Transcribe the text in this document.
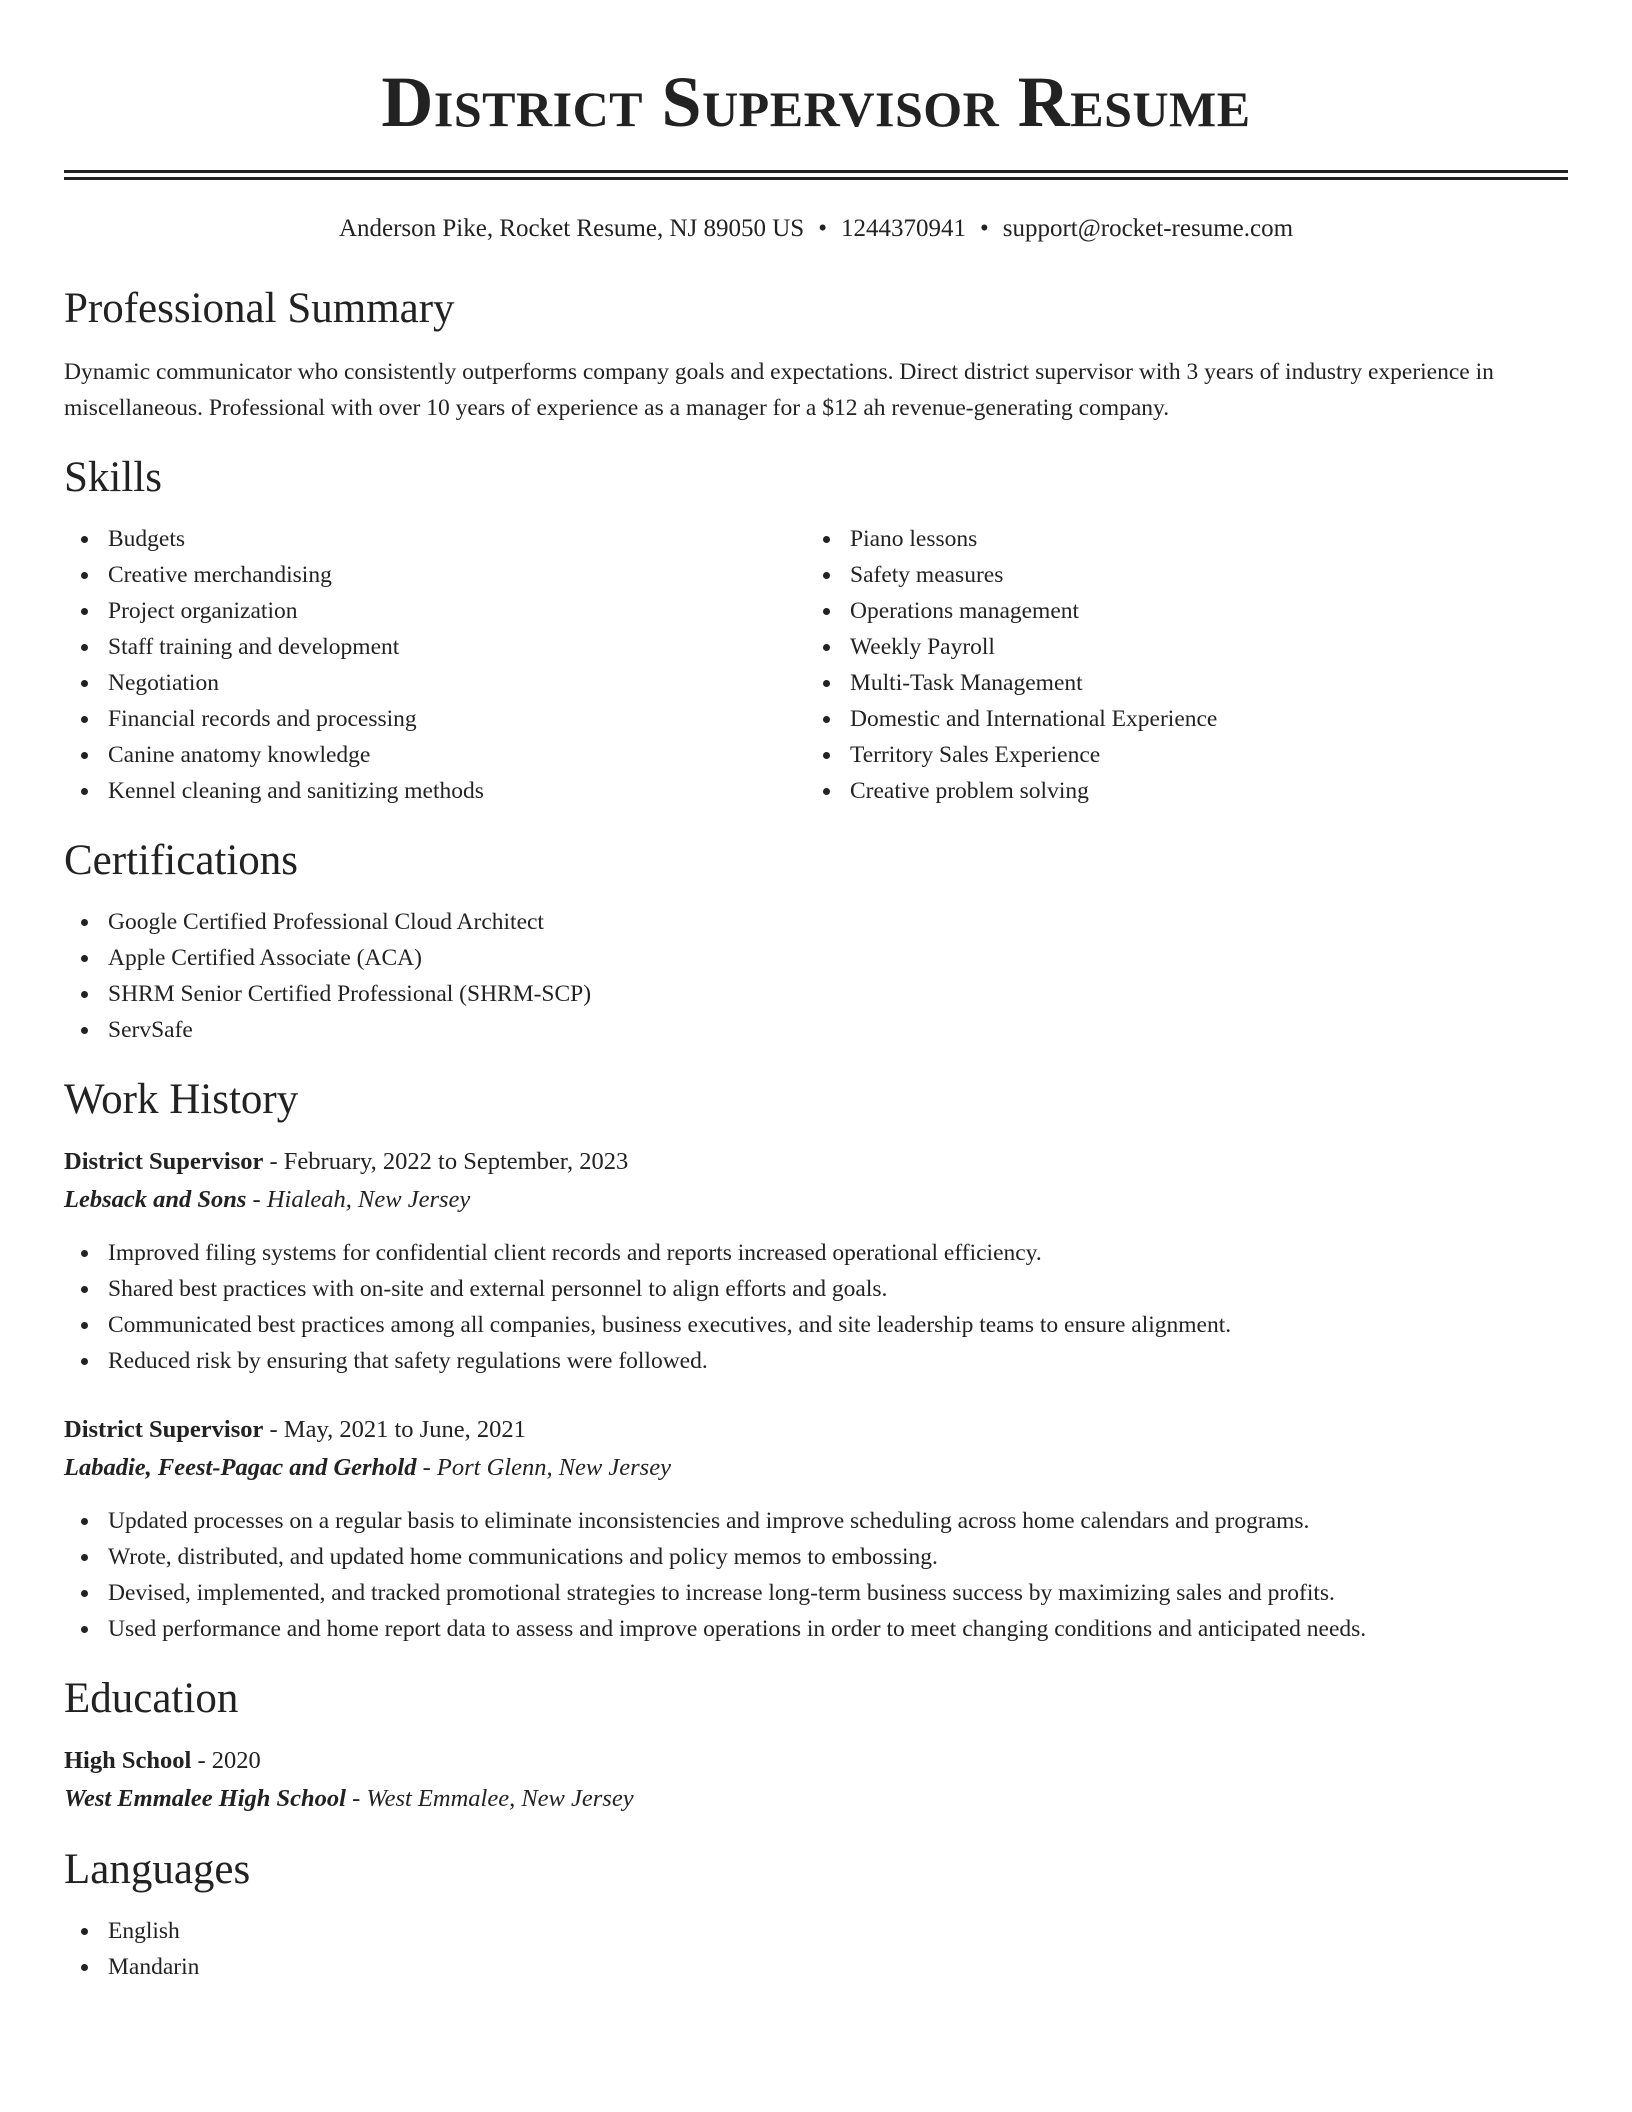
District Supervisor Resume
Anderson Pike, Rocket Resume, NJ 89050 US • 1244370941 • support@rocket-resume.com
Professional Summary

Dynamic communicator who consistently outperforms company goals and expectations. Direct district supervisor with 3 years of industry experience in miscellaneous. Professional with over 10 years of experience as a manager for a $12 ah revenue-generating company.

Skills
Budgets
Creative merchandising
Project organization
Staff training and development
Negotiation
Financial records and processing
Canine anatomy knowledge
Kennel cleaning and sanitizing methods
Piano lessons
Safety measures
Operations management
Weekly Payroll
Multi-Task Management
Domestic and International Experience
Territory Sales Experience
Creative problem solving
Certifications
Google Certified Professional Cloud Architect
Apple Certified Associate (ACA)
SHRM Senior Certified Professional (SHRM-SCP)
ServSafe
Work History
District Supervisor - February, 2022 to September, 2023
Lebsack and Sons - Hialeah, New Jersey
Improved filing systems for confidential client records and reports increased operational efficiency.
Shared best practices with on-site and external personnel to align efforts and goals.
Communicated best practices among all companies, business executives, and site leadership teams to ensure alignment.
Reduced risk by ensuring that safety regulations were followed.
District Supervisor - May, 2021 to June, 2021
Labadie, Feest-Pagac and Gerhold - Port Glenn, New Jersey
Updated processes on a regular basis to eliminate inconsistencies and improve scheduling across home calendars and programs.
Wrote, distributed, and updated home communications and policy memos to embossing.
Devised, implemented, and tracked promotional strategies to increase long-term business success by maximizing sales and profits.
Used performance and home report data to assess and improve operations in order to meet changing conditions and anticipated needs.
Education
High School - 2020
West Emmalee High School - West Emmalee, New Jersey
Languages
English
Mandarin
